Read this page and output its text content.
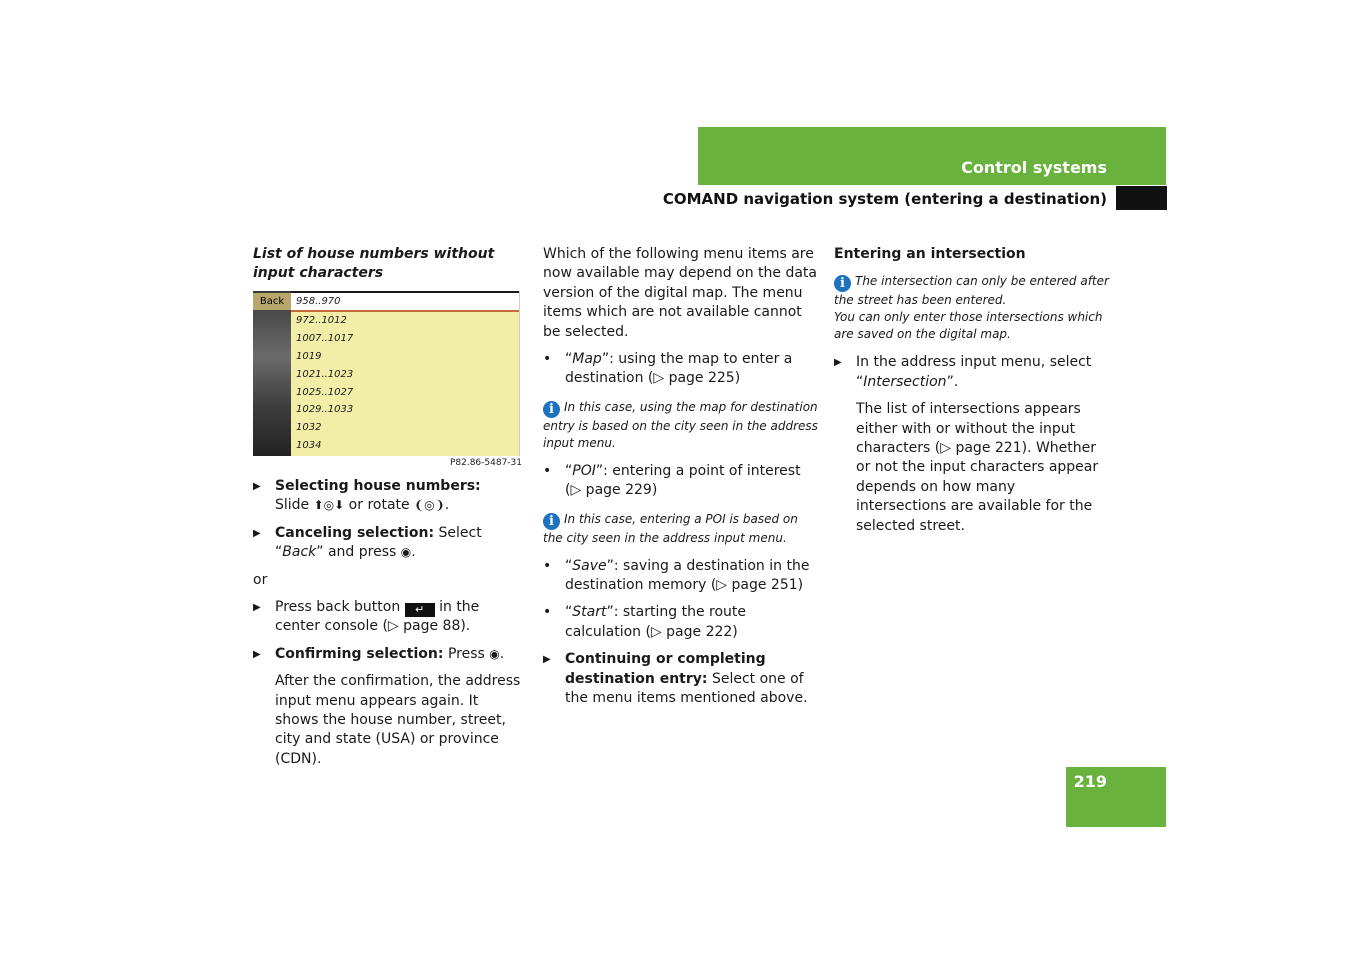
Control systems
COMAND navigation system (entering a destination)

List of house numbers without input characters

Back	958..970
972..1012
1007..1017
1019
1021..1023
1025..1027
1029..1033
1032
1034
P82.86-5487-31
▶ Selecting house numbers:
Slide ⬆◎⬇ or rotate ❨◎❩.
▶ Canceling selection: Select “Back” and press ◉.

or

▶ Press back button ↵ in the center console (▷ page 88).
▶ Confirming selection: Press ◉.

After the confirmation, the address input menu appears again. It shows the house number, street, city and state (USA) or province (CDN).

Which of the following menu items are now available may depend on the data version of the digital map. The menu items which are not available cannot be selected.

• “Map”: using the map to enter a destination (▷ page 225)

i In this case, using the map for destination entry is based on the city seen in the address input menu.

• “POI”: entering a point of interest (▷ page 229)

i In this case, entering a POI is based on the city seen in the address input menu.

• “Save”: saving a destination in the destination memory (▷ page 251)
• “Start”: starting the route calculation (▷ page 222)
▶ Continuing or completing destination entry: Select one of the menu items mentioned above.

Entering an intersection

i The intersection can only be entered after the street has been entered.
You can only enter those intersections which are saved on the digital map.

▶ In the address input menu, select “Intersection”.

The list of intersections appears either with or without the input characters (▷ page 221). Whether or not the input characters appear depends on how many intersections are available for the selected street.

219
